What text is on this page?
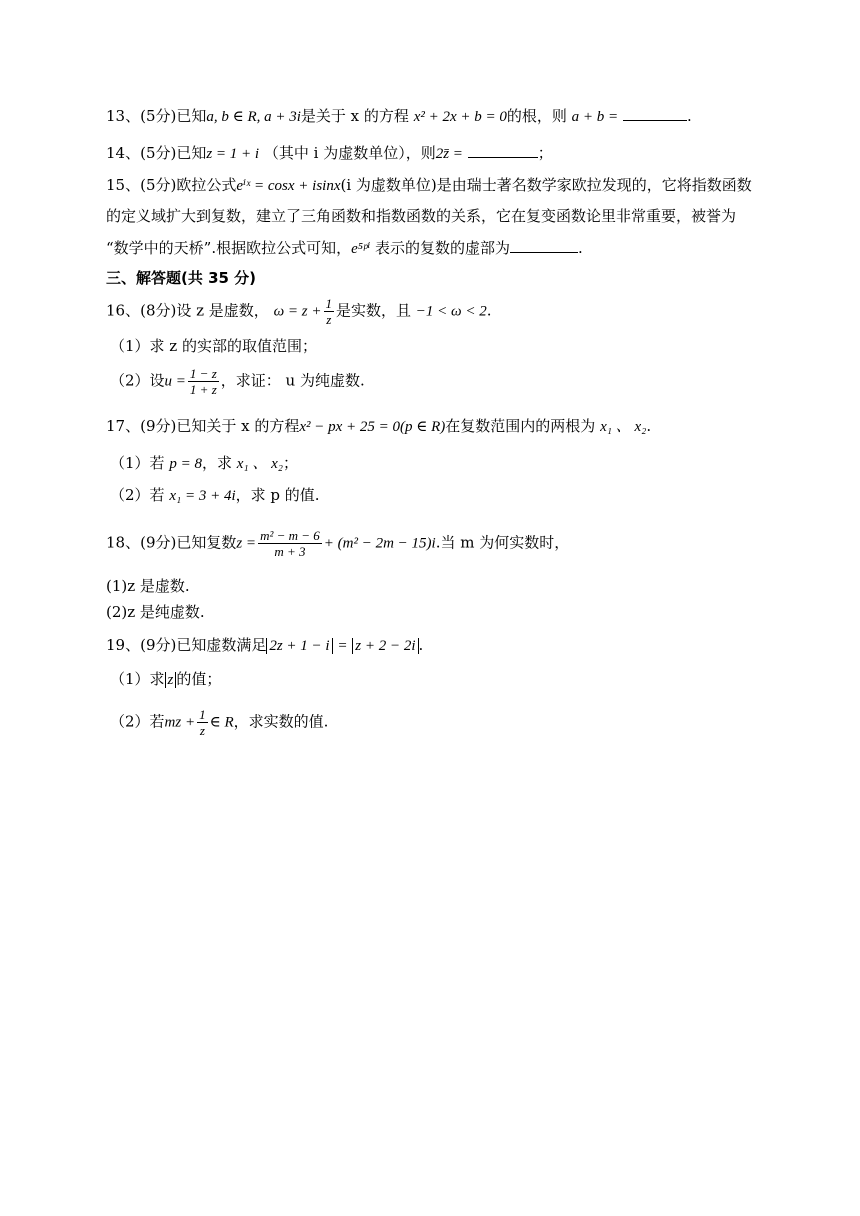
13、(5分)已知a, b ∈ R, a + 3i是关于 x 的方程 x² + 2x + b = 0的根，则 a + b =	.
14、(5分)已知z = 1 + i （其中 i 为虚数单位），则2z̄ =	；
15、(5分)欧拉公式eⁱˣ = cosx + isinx(i 为虚数单位)是由瑞士著名数学家欧拉发现的，它将指数函数
的定义域扩大到复数，建立了三角函数和指数函数的关系，它在复变函数论里非常重要，被誉为
“数学中的天桥”.根据欧拉公式可知，e⁵ᵖⁱ 表示的复数的虚部为	.
三、解答题(共 35 分)
16、(8分)设 z 是虚数， $\omega = z + \frac{1}{z}$ 是实数，且 −1 < ω < 2.
（1）求 z 的实部的取值范围；
（2）设$u = \frac{1 - z}{1 + z}$ ，求证： u 为纯虚数.
17、(9分)已知关于 x 的方程x² − px + 25 = 0(p ∈ R)在复数范围内的两根为 x₁ 、 x₂.
（1）若 p = 8，求 x₁ 、 x₂；
（2）若 x₁ = 3 + 4i，求 p 的值.
18、(9分)已知复数$z = \frac{\text{m² − m − 6}}{m + 3} + (m^2 - 2m - 15)i$.当 m 为何实数时，
(1)z 是虚数.
(2)z 是纯虚数.
19、(9分)已知虚数满足 2z + 1 − i = z + 2 − 2i .
（1）求 z 的值；
（2）若mz + $\frac{1}{z}$ ∈ R，求实数的值.
